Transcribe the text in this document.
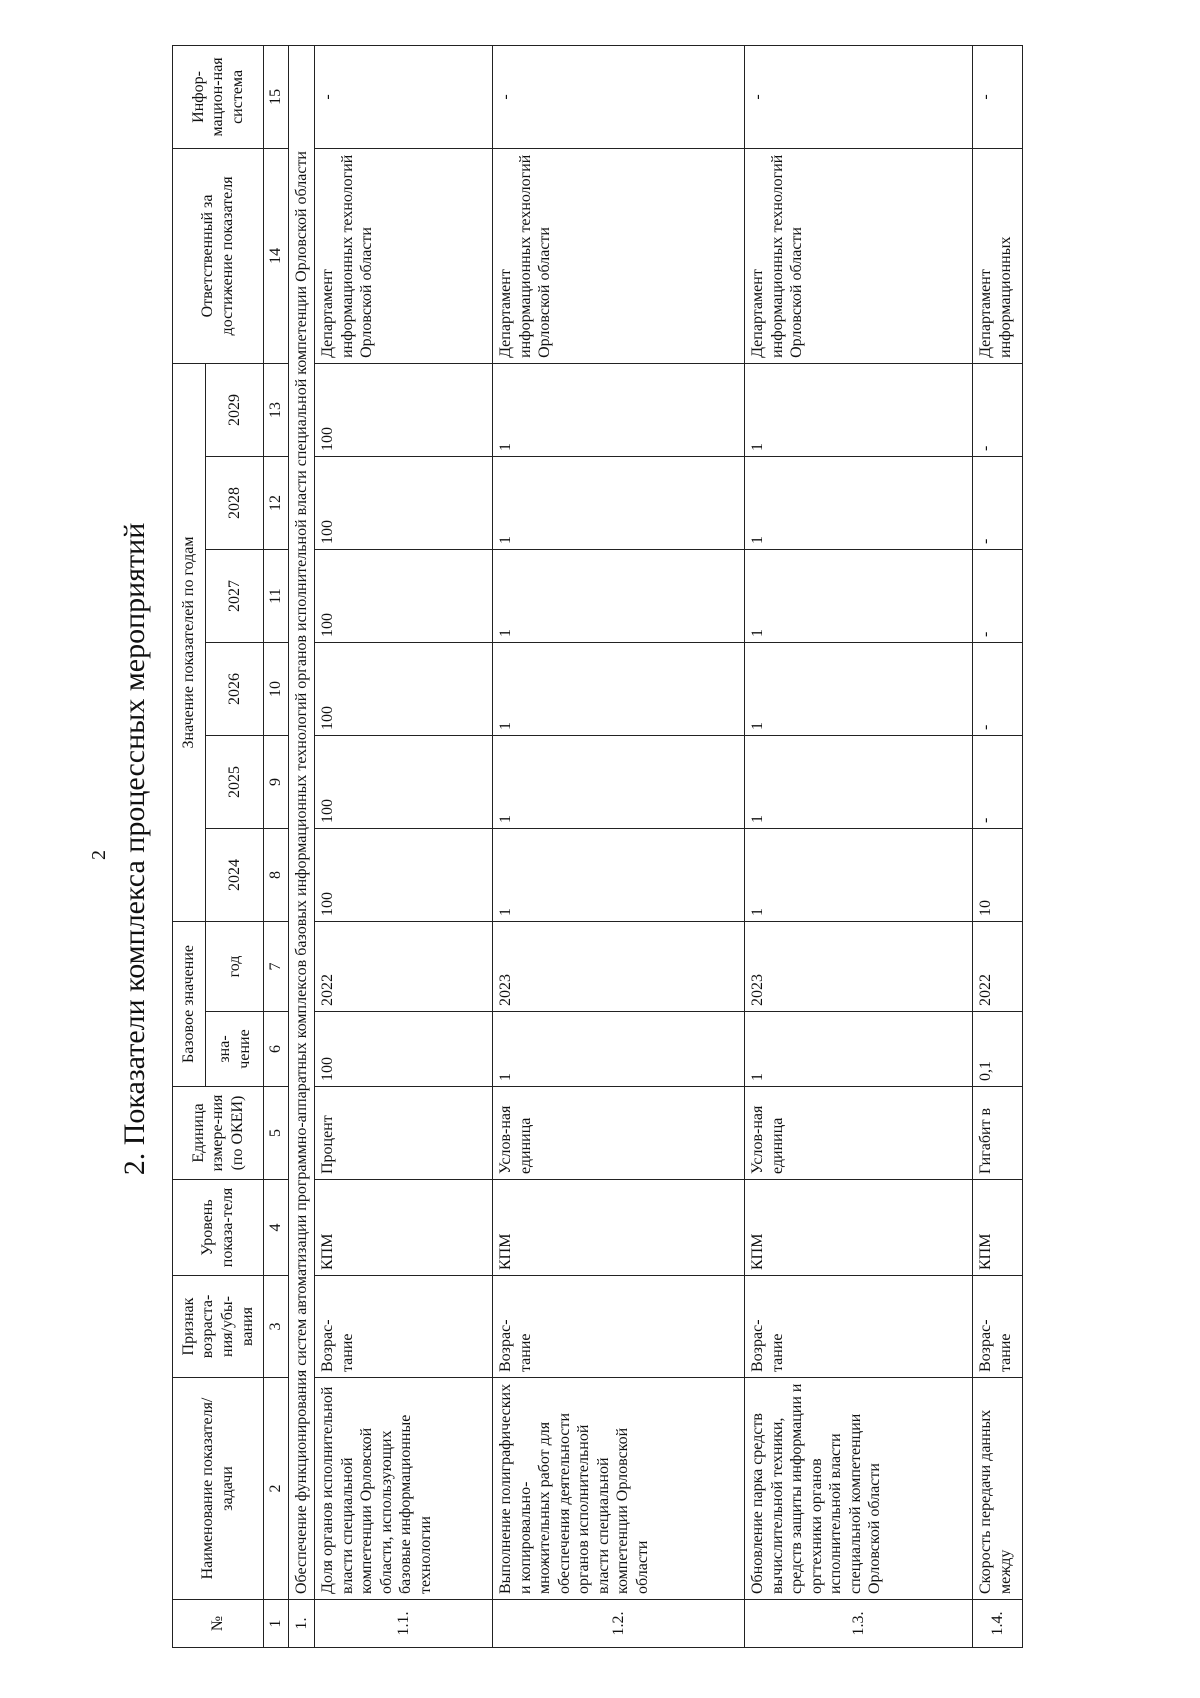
2 2. Показатели комплекса процессных мероприятий
№	Наименование показателя/задачи	Признак возраста-ния/убы-вания	Уровень показа-теля	Единица измере-ния (по ОКЕИ)	Базовое значение		Значение показателей по годам						Ответственный за достижение показателя	Инфор-мацион-ная система
					зна-чение	год	2024	2025	2026	2027	2028	2029		
1	2	3	4	5	6	7	8	9	10	11	12	13	14	15
1.	Обеспечение функционирования систем автоматизации программно-аппаратных комплексов базовых информационных технологий органов исполнительной власти специальной компетенции Орловской области													
1.1.	Доля органов исполнительной власти специальной компетенции Орловской области, использующих базовые информационные технологии	Возрас-тание	КПМ	Процент	100	2022	100	100	100	100	100	100	Департамент информационных технологий Орловской области	-
1.2.	Выполнение полиграфических и копировально-множительных работ для обеспечения деятельности органов исполнительной власти специальной компетенции Орловской области	Возрас-тание	КПМ	Услов-ная единица	1	2023	1	1	1	1	1	1	Департамент информационных технологий Орловской области	-
1.3.	Обновление парка средств вычислительной техники, средств защиты информации и оргтехники органов исполнительной власти специальной компетенции Орловской области	Возрас-тание	КПМ	Услов-ная единица	1	2023	1	1	1	1	1	1	Департамент информационных технологий Орловской области	-
1.4.	Скорость передачи данных между	Возрас-тание	КПМ	Гигабит в	0,1	2022	10	-	-	-	-	-	Департамент информационных	-
